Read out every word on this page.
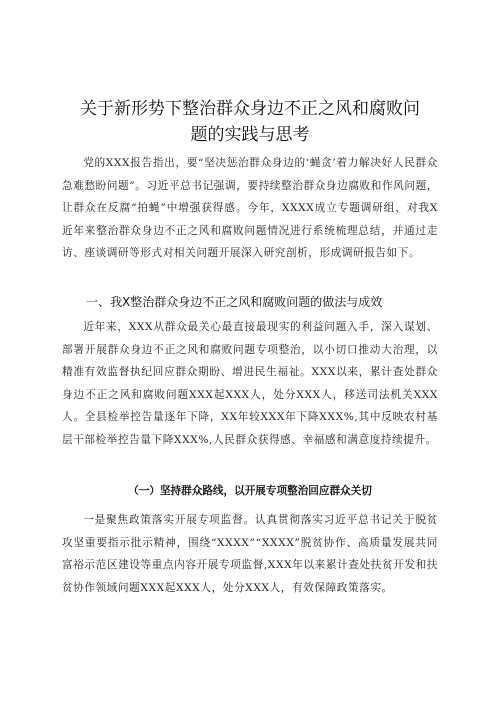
关于新形势下整治群众身边不正之风和腐败问
题的实践与思考

党的XXX报告指出，要“坚决惩治群众身边的‘蝇贪’着力解决好人民群众急难愁盼问题”。习近平总书记强调，要持续整治群众身边腐败和作风问题，让群众在反腐“拍蝇”中增强获得感。今年，XXXX成立专题调研组，对我X近年来整治群众身边不正之风和腐败问题情况进行系统梳理总结，并通过走访、座谈调研等形式对相关问题开展深入研究剖析，形成调研报告如下。

一、我X整治群众身边不正之风和腐败问题的做法与成效

近年来，XXX从群众最关心最直接最现实的利益问题入手，深入谋划、部署开展群众身边不正之风和腐败问题专项整治，以小切口推动大治理，以精准有效监督执纪回应群众期盼、增进民生福祉。XXX以来，累计查处群众身边不正之风和腐败问题XXX起XXX人，处分XXX人，移送司法机关XXX人。全县检举控告量逐年下降，XX年较XXX年下降XXX%,其中反映农村基层干部检举控告量下降XXX%,人民群众获得感、幸福感和满意度持续提升。

（一）坚持群众路线，以开展专项整治回应群众关切

一是聚焦政策落实开展专项监督。认真贯彻落实习近平总书记关于脱贫攻坚重要指示批示精神，围绕“XXXX”“XXXX”脱贫协作、高质量发展共同富裕示范区建设等重点内容开展专项监督,XXX年以来累计查处扶贫开发和扶贫协作领域问题XXX起XXX人，处分XXX人，有效保障政策落实。
